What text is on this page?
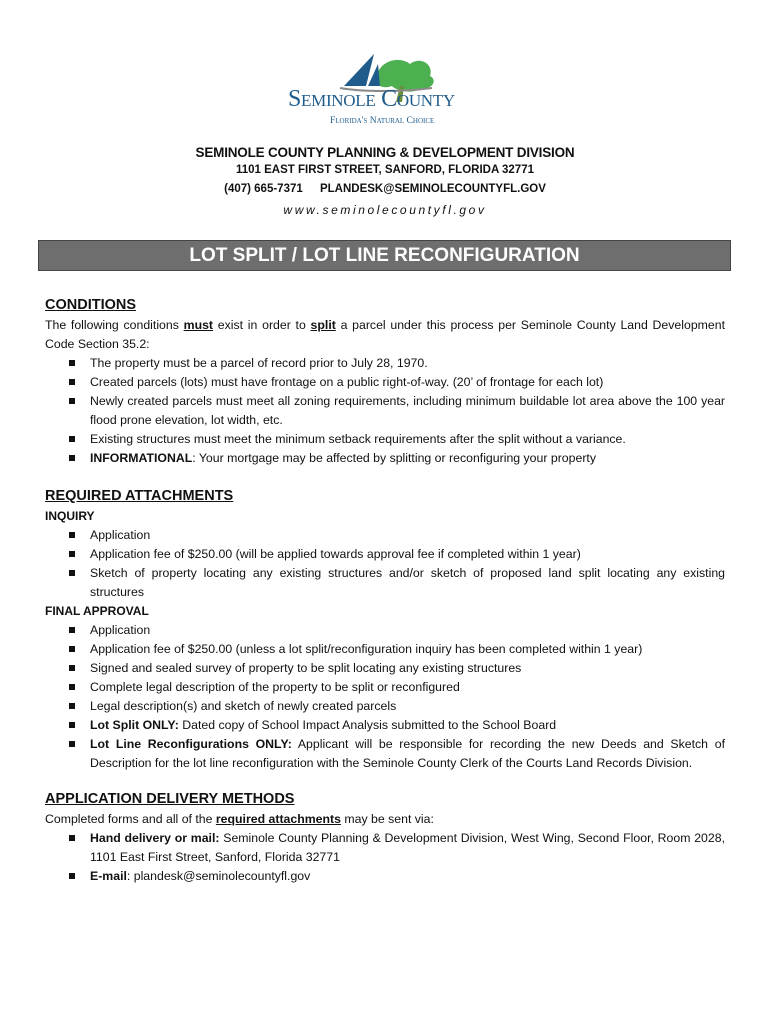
Seminole County
Florida's Natural Choice
SEMINOLE COUNTY PLANNING & DEVELOPMENT DIVISION
1101 EAST FIRST STREET, SANFORD, FLORIDA 32771
(407) 665-7371 PLANDESK@SEMINOLECOUNTYFL.GOV
www.seminolecountyfl.gov
LOT SPLIT / LOT LINE RECONFIGURATION
CONDITIONS

The following conditions must exist in order to split a parcel under this process per Seminole County Land Development Code Section 35.2:

The property must be a parcel of record prior to July 28, 1970.
Created parcels (lots) must have frontage on a public right-of-way. (20’ of frontage for each lot)
Newly created parcels must meet all zoning requirements, including minimum buildable lot area above the 100 year flood prone elevation, lot width, etc.
Existing structures must meet the minimum setback requirements after the split without a variance.
INFORMATIONAL: Your mortgage may be affected by splitting or reconfiguring your property
REQUIRED ATTACHMENTS
INQUIRY
Application
Application fee of $250.00 (will be applied towards approval fee if completed within 1 year)
Sketch of property locating any existing structures and/or sketch of proposed land split locating any existing structures
FINAL APPROVAL
Application
Application fee of $250.00 (unless a lot split/reconfiguration inquiry has been completed within 1 year)
Signed and sealed survey of property to be split locating any existing structures
Complete legal description of the property to be split or reconfigured
Legal description(s) and sketch of newly created parcels
Lot Split ONLY: Dated copy of School Impact Analysis submitted to the School Board
Lot Line Reconfigurations ONLY: Applicant will be responsible for recording the new Deeds and Sketch of Description for the lot line reconfiguration with the Seminole County Clerk of the Courts Land Records Division.
APPLICATION DELIVERY METHODS

Completed forms and all of the required attachments may be sent via:

Hand delivery or mail: Seminole County Planning & Development Division, West Wing, Second Floor, Room 2028, 1101 East First Street, Sanford, Florida 32771
E-mail: plandesk@seminolecountyfl.gov
